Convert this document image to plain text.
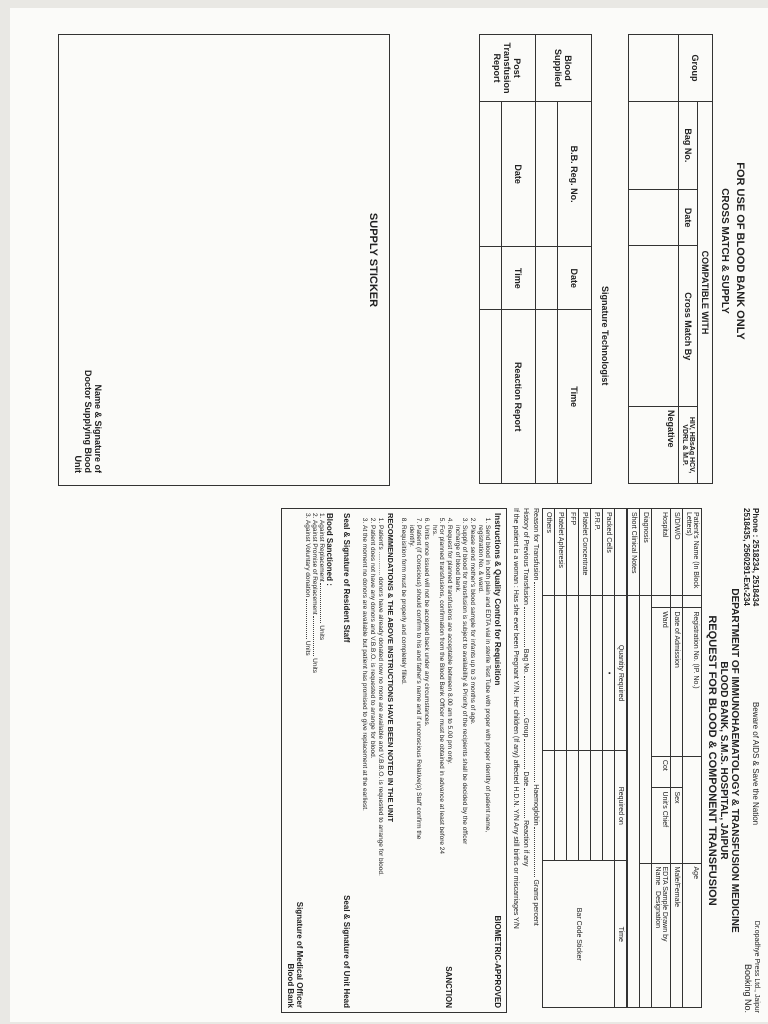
FOR USE OF BLOOD BANK ONLY
CROSS MATCH & SUPPLY
Group	COMPATIBLE WITH			
	Bag No.	Date	Cross Match By	HIV, HBsAg HCV, VDRL & M.P.
				Negative
Signature Technologist
Blood Supplied	B.B. Reg. No.	Date	Time

Post Transfusion Report	Date	Time	Reaction Report

SUPPLY STICKER
Name & Signature of Doctor Supplying Blood Unit
Phone : 2518234, 2518434
2518435, 2560291-Ext-234
Beware of AIDS & Save the Nation
Dr.opadhye Press Ltd., Jaipur
Booking No.
DEPARTMENT OF IMMUNOHAEMATOLOGY & TRANSFUSION MEDICINE
BLOOD BANK, S.M.S. HOSPITAL, JAIPUR
REQUEST FOR BLOOD & COMPONENT TRANSFUSION
Patient's Name (In Block Letters)		Registration No. (IP. No.)			Age
S/D/W/O		Date of Admission		Sex	Male/Female
Hospital		Ward	Cot	Unit's Chief	EDTA Sample Drawn by
Name   Designation
Diagnosis					
Short Clinical Notes					
	Quantity Required	Required on	Time
Packed Cells	•		Bar Code Sticker
P.R.P.			
Platelet Concentrate			
FFP			
Platelet Apheresis			
Others			
Reason for Transfusion  Haemoglobin  Grams percent
History of Previous Transfusion  Bag No.  Group  Date  Reaction if any
If the patient is a woman : Has she ever been Pregnant Y/N. Her children (If any) affected H.D.N. Y/N Any still births or miscarriages Y/N
Instructions & Quality Control for Requisition
BIOMETRIC-APPROVED
1. Send blood in both plain and EDTA vial in sterile Test Tube with proper with proper Identity of patient name, registration No. & ward.
2. Please send mother's blood sample for infants up to 3 months of age.
3. Supply of blood for transfusion is subject to availability & Priority of the recipients shall be decided by the officer incharge of blood bank.
4. Request for planned transfusions are acceptable between 8.00 am to 5.00 pm only.
5. For planned transfusions, confirmation from the Blood Bank Officer must be obtained in advance at least before 24 hrs.
6. Units once issued will not be accepted back under any circumstances.
7. Patient (if Conscious) should confirm to his and father's name and if unconscious Relative(s) Staff confirm the identify.
8. Requisition form must be properly and completely filled.
SANCTION
RECOMMENDATIONS & THE ABOVE INSTRUCTIONS HAVE BEEN NOTED IN THE UNIT
1. Patient's ............. donors have already donated now no more are available and V.B.B.O. is requested to arrange for blood.
2. Patient does not have any donors and V.B.B.O. is requested to arrange for blood.
3. At the moment no donors are available but patient has promised to give replacement at the earliest.
Seal & Signature of Resident Staff
Seal & Signature of Unit Head
Blood Sanctioned :
1. Against Replacement  Units
2. Against Promise of Replacement  Units
3. Against Voluntary donation  Units
Signature of Medical Officer
Blood Bank
